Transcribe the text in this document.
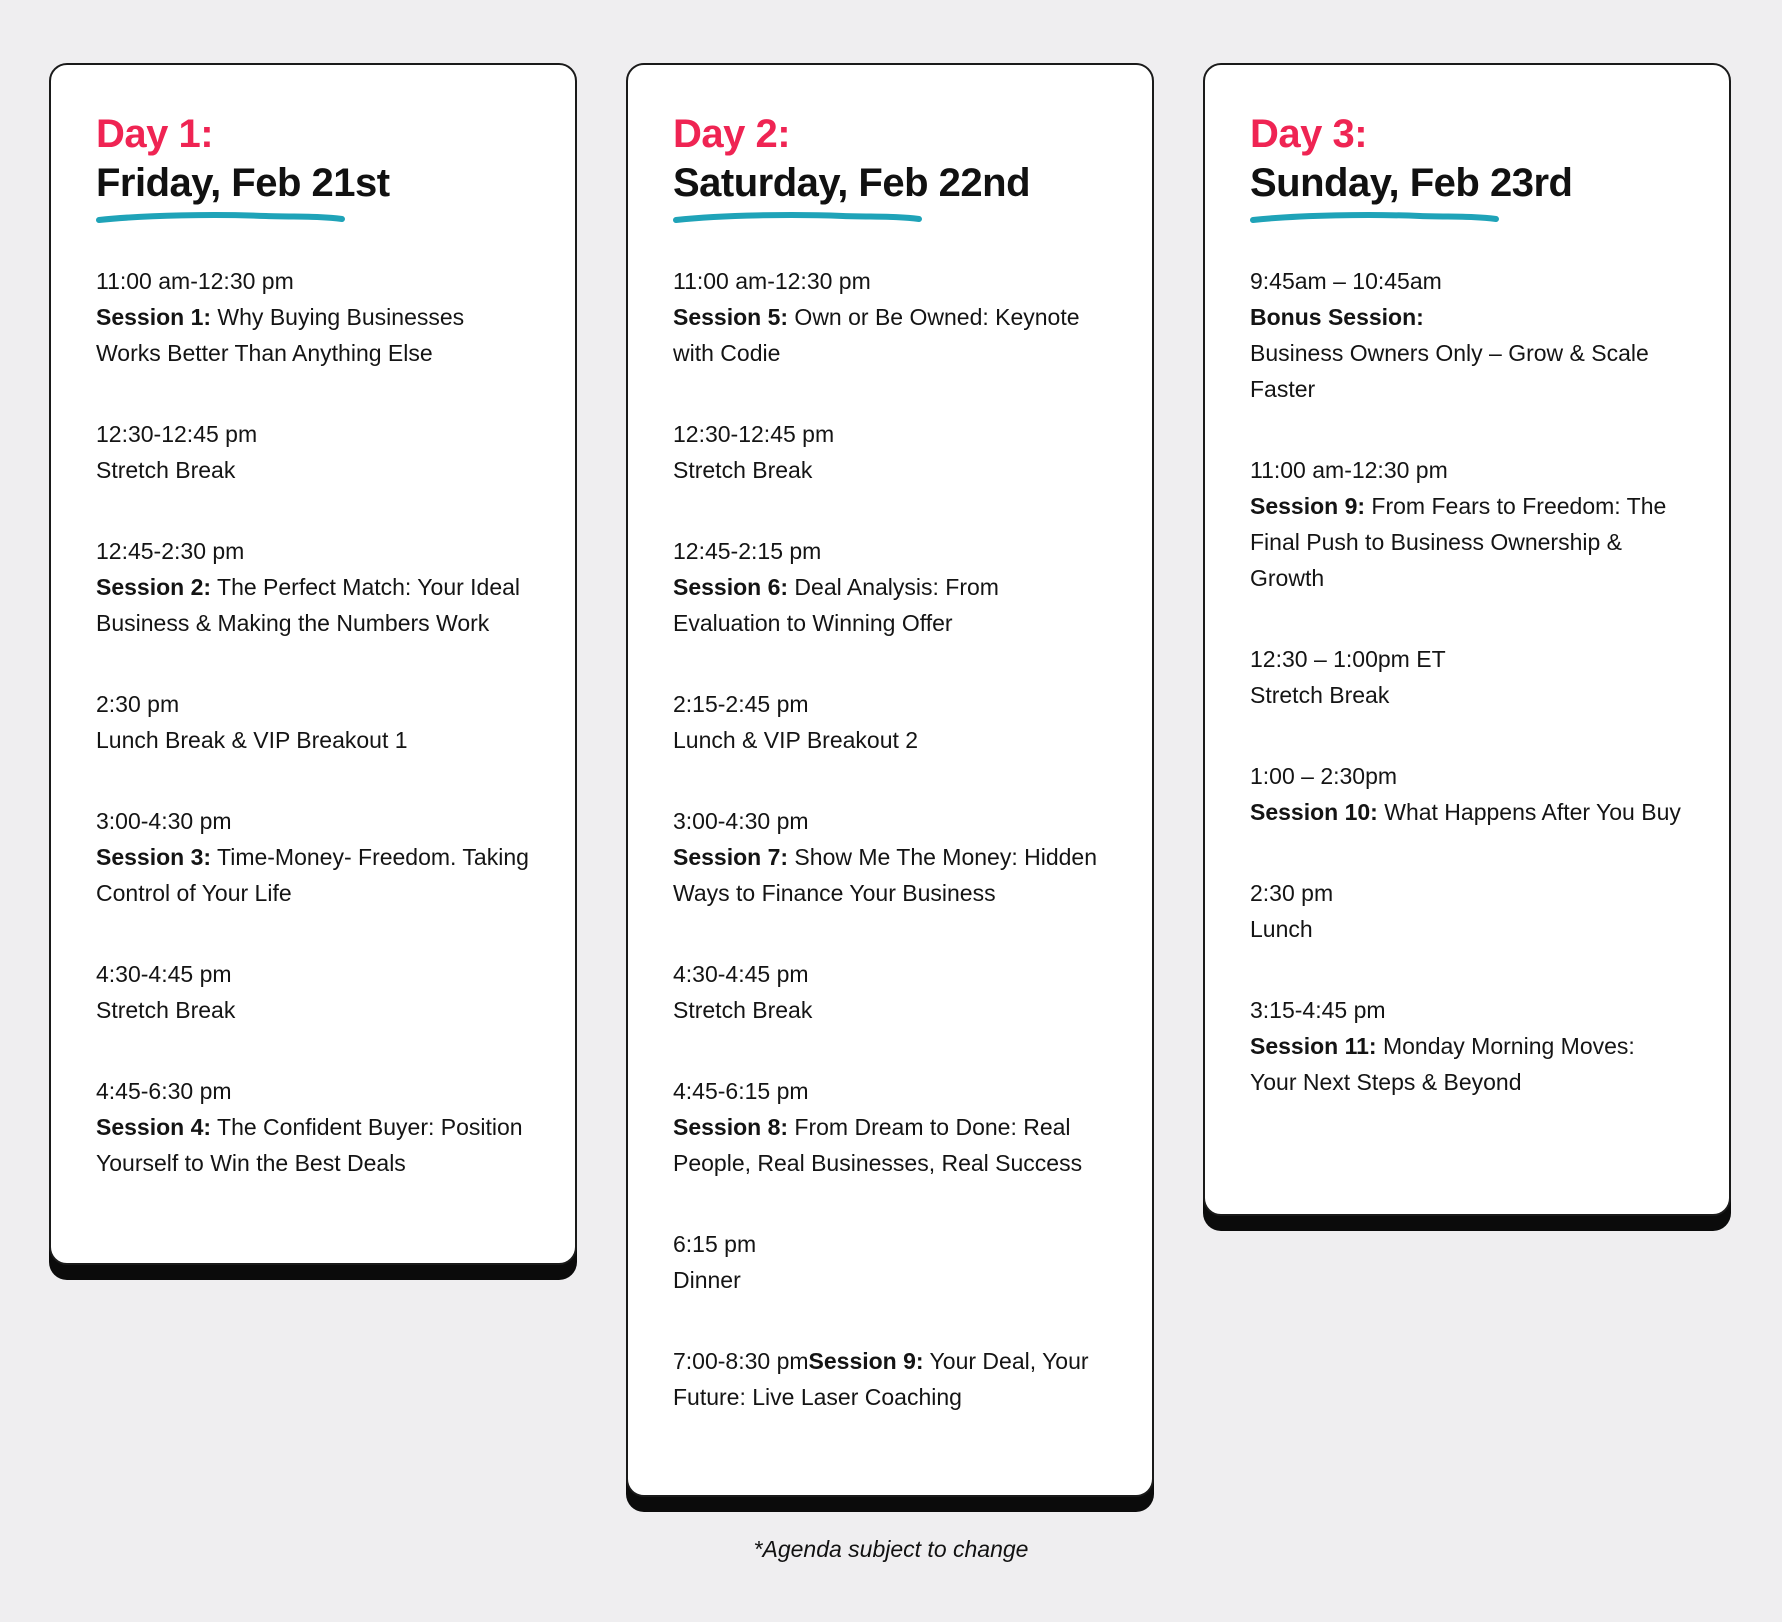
Day 1:
Friday, Feb 21st
11:00 am-12:30 pm
Session 1: Why Buying Businesses Works Better Than Anything Else
12:30-12:45 pm
Stretch Break
12:45-2:30 pm
Session 2: The Perfect Match: Your Ideal Business & Making the Numbers Work
2:30 pm
Lunch Break & VIP Breakout 1
3:00-4:30 pm
Session 3: Time-Money- Freedom. Taking Control of Your Life
4:30-4:45 pm
Stretch Break
4:45-6:30 pm
Session 4: The Confident Buyer: Position Yourself to Win the Best Deals
Day 2:
Saturday, Feb 22nd
11:00 am-12:30 pm
Session 5: Own or Be Owned: Keynote with Codie
12:30-12:45 pm
Stretch Break
12:45-2:15 pm
Session 6: Deal Analysis: From Evaluation to Winning Offer
2:15-2:45 pm
Lunch & VIP Breakout 2
3:00-4:30 pm
Session 7: Show Me The Money: Hidden Ways to Finance Your Business
4:30-4:45 pm
Stretch Break
4:45-6:15 pm
Session 8: From Dream to Done: Real People, Real Businesses, Real Success
6:15 pm
Dinner
7:00-8:30 pmSession 9: Your Deal, Your Future: Live Laser Coaching
Day 3:
Sunday, Feb 23rd
9:45am – 10:45am
Bonus Session:
Business Owners Only – Grow & Scale Faster
11:00 am-12:30 pm
Session 9: From Fears to Freedom: The Final Push to Business Ownership & Growth
12:30 – 1:00pm ET
Stretch Break
1:00 – 2:30pm
Session 10: What Happens After You Buy
2:30 pm
Lunch
3:15-4:45 pm
Session 11: Monday Morning Moves: Your Next Steps & Beyond
*Agenda subject to change
